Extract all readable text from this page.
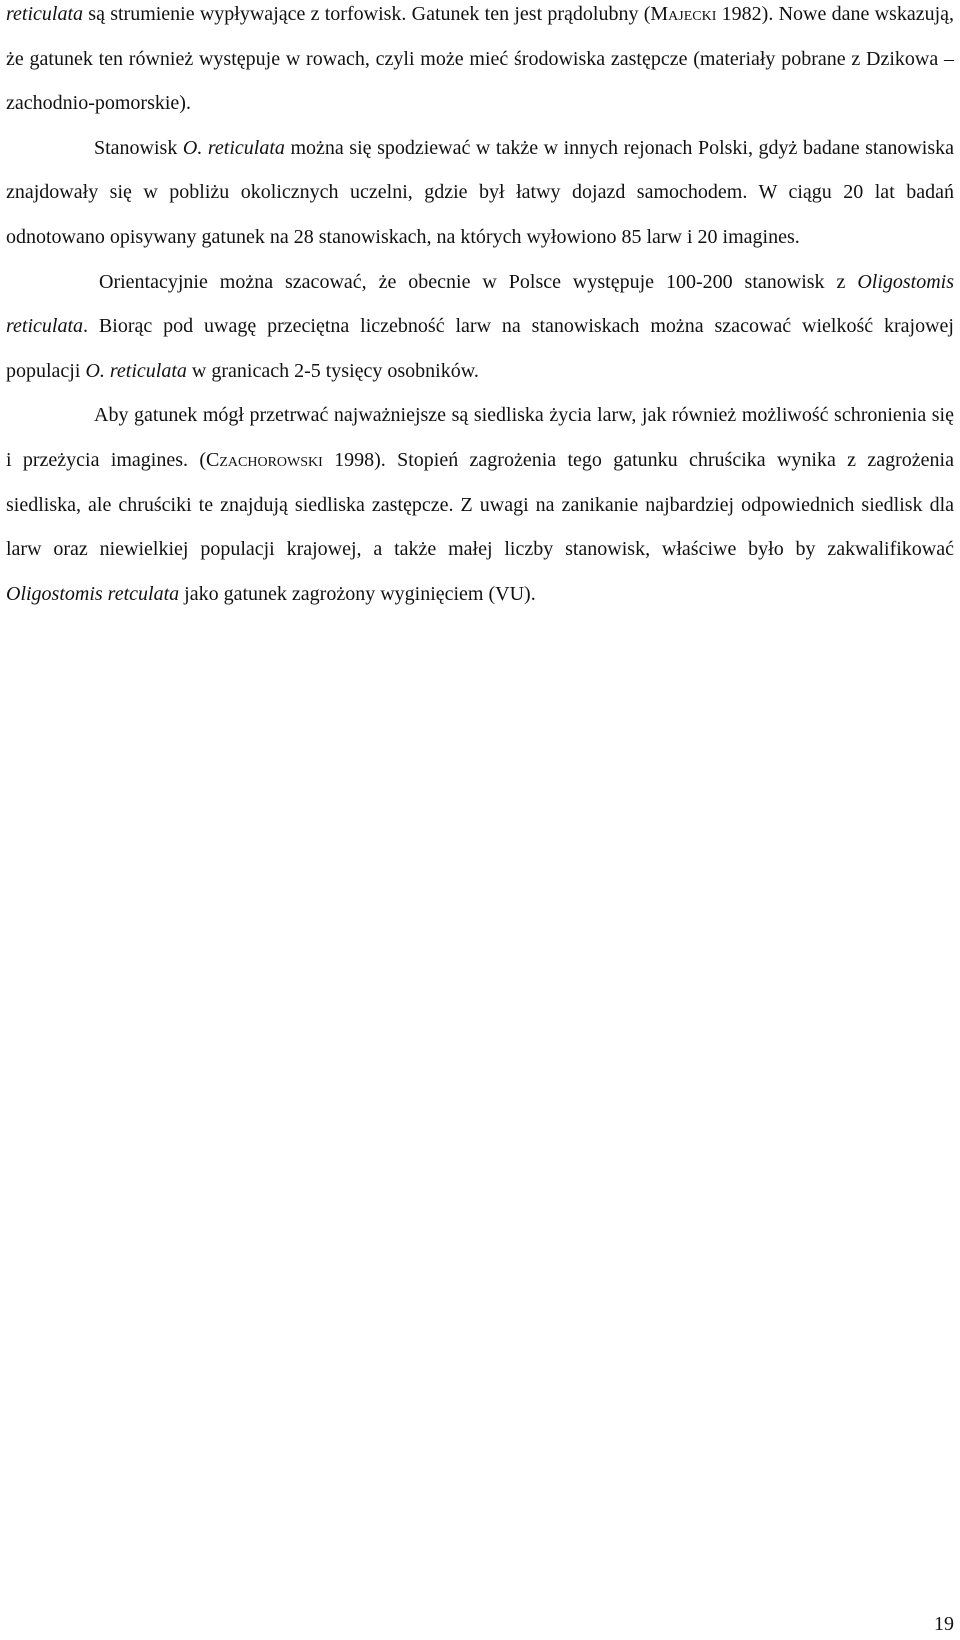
reticulata są strumienie wypływające z torfowisk. Gatunek ten jest prądolubny (Majecki 1982). Nowe dane wskazują, że gatunek ten również występuje w rowach, czyli może mieć środowiska zastępcze (materiały pobrane z Dzikowa – zachodnio-pomorskie).

Stanowisk O. reticulata można się spodziewać w także w innych rejonach Polski, gdyż badane stanowiska znajdowały się w pobliżu okolicznych uczelni, gdzie był łatwy dojazd samochodem. W ciągu 20 lat badań odnotowano opisywany gatunek na 28 stanowiskach, na których wyłowiono 85 larw i 20 imagines.

Orientacyjnie można szacować, że obecnie w Polsce występuje 100-200 stanowisk z Oligostomis reticulata. Biorąc pod uwagę przeciętna liczebność larw na stanowiskach można szacować wielkość krajowej populacji O. reticulata w granicach 2-5 tysięcy osobników.

Aby gatunek mógł przetrwać najważniejsze są siedliska życia larw, jak również możliwość schronienia się i przeżycia imagines. (Czachorowski 1998). Stopień zagrożenia tego gatunku chruścika wynika z zagrożenia siedliska, ale chruściki te znajdują siedliska zastępcze. Z uwagi na zanikanie najbardziej odpowiednich siedlisk dla larw oraz niewielkiej populacji krajowej, a także małej liczby stanowisk, właściwe było by zakwalifikować Oligostomis retculata jako gatunek zagrożony wyginięciem (VU).

19
